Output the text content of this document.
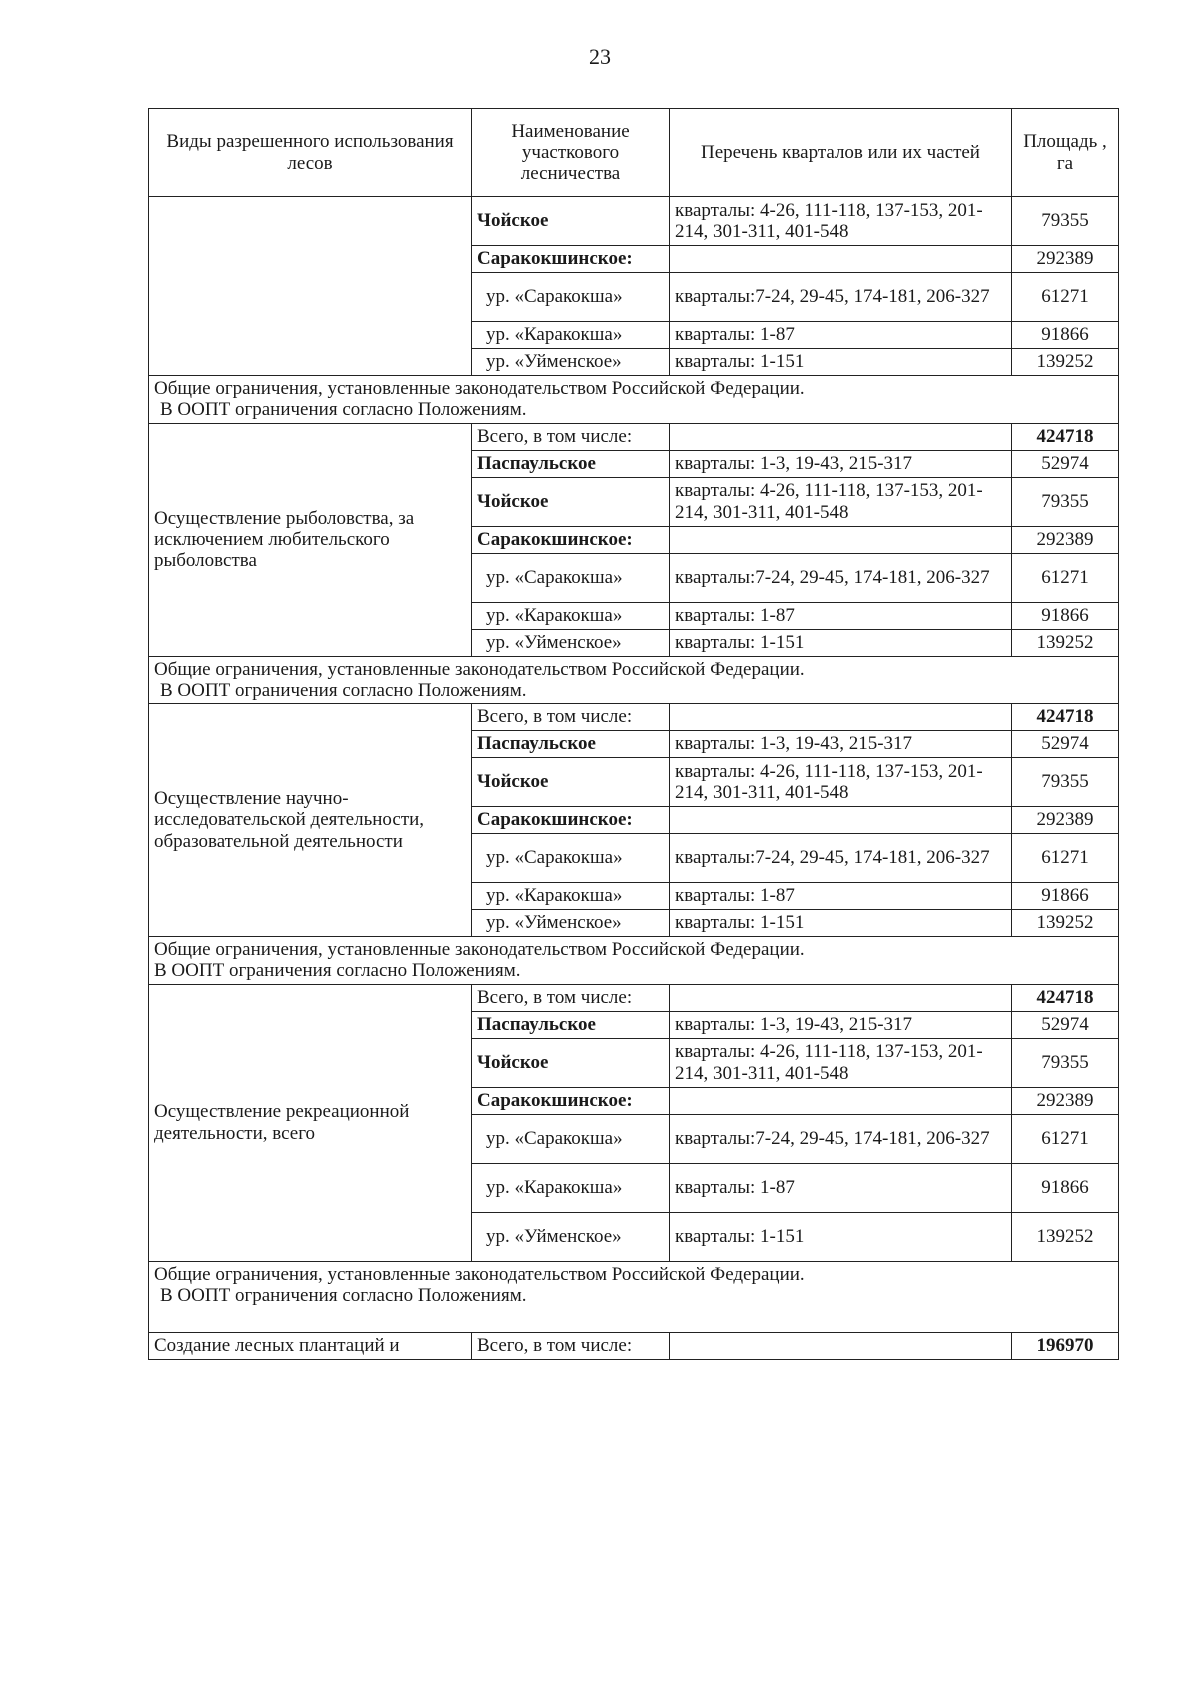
23
Виды разрешенного использования лесов	Наименование участкового лесничества	Перечень кварталов или их частей	Площадь , га
	Чойское	кварталы: 4-26, 111-118, 137-153, 201-214, 301-311, 401-548	79355
	Саракокшинское:		292389
	ур. «Саракокша»	кварталы:7-24, 29-45, 174-181, 206-327	61271
	ур. «Каракокша»	кварталы: 1-87	91866
	ур. «Уйменское»	кварталы: 1-151	139252

Общие ограничения, установленные законодательством Российской Федерации.
В ООПТ ограничения согласно Положениям.			

Осуществление рыболовства, за исключением любительского рыболовства	Всего, в том числе:		424718
	Паспаульское	кварталы: 1-3, 19-43, 215-317	52974
	Чойское	кварталы: 4-26, 111-118, 137-153, 201-214, 301-311, 401-548	79355
	Саракокшинское:		292389
	ур. «Саракокша»	кварталы:7-24, 29-45, 174-181, 206-327	61271
	ур. «Каракокша»	кварталы: 1-87	91866
	ур. «Уйменское»	кварталы: 1-151	139252

Общие ограничения, установленные законодательством Российской Федерации.
В ООПТ ограничения согласно Положениям.			

Осуществление научно-исследовательской деятельности, образовательной деятельности	Всего, в том числе:		424718
	Паспаульское	кварталы: 1-3, 19-43, 215-317	52974
	Чойское	кварталы: 4-26, 111-118, 137-153, 201-214, 301-311, 401-548	79355
	Саракокшинское:		292389
	ур. «Саракокша»	кварталы:7-24, 29-45, 174-181, 206-327	61271
	ур. «Каракокша»	кварталы: 1-87	91866
	ур. «Уйменское»	кварталы: 1-151	139252

Общие ограничения, установленные законодательством Российской Федерации.
В ООПТ ограничения согласно Положениям.			

Осуществление рекреационной деятельности, всего	Всего, в том числе:		424718
	Паспаульское	кварталы: 1-3, 19-43, 215-317	52974
	Чойское	кварталы: 4-26, 111-118, 137-153, 201-214, 301-311, 401-548	79355
	Саракокшинское:		292389
	ур. «Саракокша»	кварталы:7-24, 29-45, 174-181, 206-327	61271
	ур. «Каракокша»	кварталы: 1-87	91866
	ур. «Уйменское»	кварталы: 1-151	139252

Общие ограничения, установленные законодательством Российской Федерации.
В ООПТ ограничения согласно Положениям.			

Создание лесных плантаций и	Всего, в том числе:		196970
